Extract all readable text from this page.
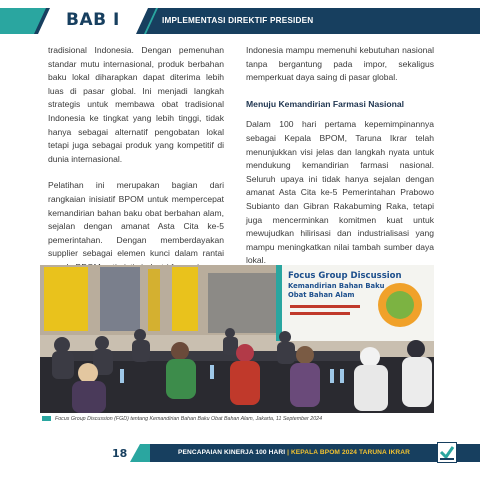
BAB I	IMPLEMENTASI DIREKTIF PRESIDEN

tradisional Indonesia. Dengan pemenuhan standar mutu internasional, produk berbahan baku lokal diharapkan dapat diterima lebih luas di pasar global. Ini menjadi langkah strategis untuk membawa obat tradisional Indonesia ke tingkat yang lebih tinggi, tidak hanya sebagai alternatif pengobatan lokal tetapi juga sebagai produk yang kompetitif di dunia internasional.

Pelatihan ini merupakan bagian dari rangkaian inisiatif BPOM untuk mempercepat kemandirian bahan baku obat berbahan alam, sejalan dengan amanat Asta Cita ke-5 pemerintahan. Dengan memberdayakan supplier sebagai elemen kunci dalam rantai

Indonesia mampu memenuhi kebutuhan nasional tanpa bergantung pada impor, sekaligus memperkuat daya saing di pasar global.

Menuju Kemandirian Farmasi Nasional

Dalam 100 hari pertama kepemimpinannya sebagai Kepala BPOM, Taruna Ikrar telah menunjukkan visi jelas dan langkah nyata untuk mendukung kemandirian farmasi nasional. Seluruh upaya ini tidak hanya sejalan dengan amanat Asta Cita ke-5 Pemerintahan Prabowo Subianto dan Gibran Rakabuming Raka, tetapi juga mencerminkan komitmen kuat untuk mewujudkan hilirisasi dan industrialisasi yang mampu meningkatkan nilai tambah sumber daya lokal.

Focus Group Discussion
Kemandirian Bahan Baku
Obat Bahan Alam
Focus Group Discussion (FGD) tentang Kemandirian Bahan Baku Obat Bahan Alam, Jakarta, 11 September 2024
18	PENCAPAIAN KINERJA 100 HARI | KEPALA BPOM 2024 TARUNA IKRAR
